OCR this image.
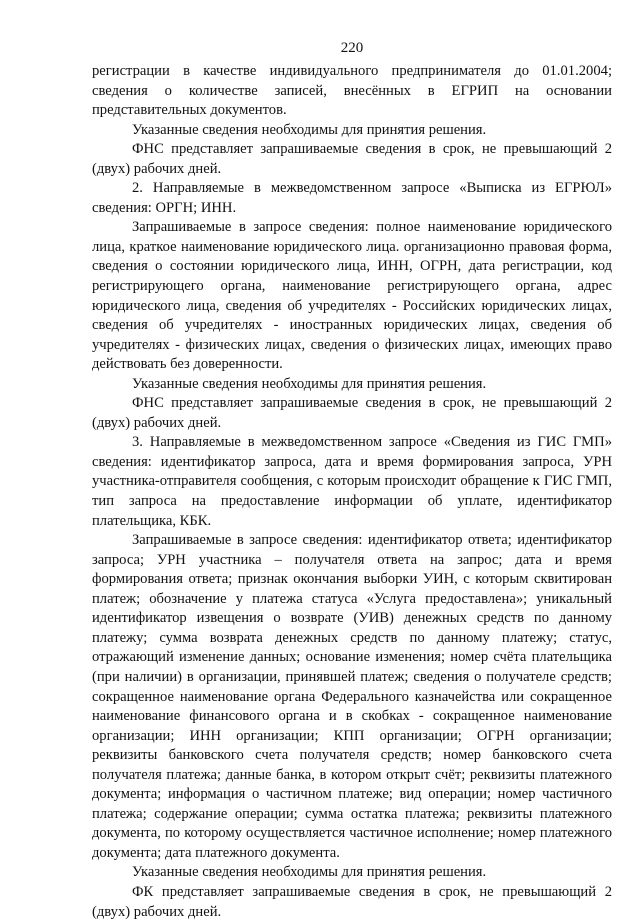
220

регистрации в качестве индивидуального предпринимателя до 01.01.2004; сведения о количестве записей, внесённых в ЕГРИП на основании представительных документов.

Указанные сведения необходимы для принятия решения.

ФНС представляет запрашиваемые сведения в срок, не превышающий 2 (двух) рабочих дней.

2. Направляемые в межведомственном запросе «Выписка из ЕГРЮЛ» сведения: ОРГН; ИНН.

Запрашиваемые в запросе сведения: полное наименование юридического лица, краткое наименование юридического лица. организационно правовая форма, сведения о состоянии юридического лица, ИНН, ОГРН, дата регистрации, код регистрирующего органа, наименование регистрирующего органа, адрес юридического лица, сведения об учредителях - Российских юридических лицах, сведения об учредителях - иностранных юридических лицах, сведения об учредителях - физических лицах, сведения о физических лицах, имеющих право действовать без доверенности.

Указанные сведения необходимы для принятия решения.

ФНС представляет запрашиваемые сведения в срок, не превышающий 2 (двух) рабочих дней.

3. Направляемые в межведомственном запросе «Сведения из ГИС ГМП» сведения: идентификатор запроса, дата и время формирования запроса, УРН участника-отправителя сообщения, с которым происходит обращение к ГИС ГМП, тип запроса на предоставление информации об уплате, идентификатор плательщика, КБК.

Запрашиваемые в запросе сведения: идентификатор ответа; идентификатор запроса; УРН участника – получателя ответа на запрос; дата и время формирования ответа; признак окончания выборки УИН, с которым сквитирован платеж; обозначение у платежа статуса «Услуга предоставлена»; уникальный идентификатор извещения о возврате (УИВ) денежных средств по данному платежу; сумма возврата денежных средств по данному платежу; статус, отражающий изменение данных; основание изменения; номер счёта плательщика (при наличии) в организации, принявшей платеж; сведения о получателе средств; сокращенное наименование органа Федерального казначейства или сокращенное наименование финансового органа и в скобках - сокращенное наименование организации; ИНН организации; КПП организации; ОГРН организации; реквизиты банковского счета получателя средств; номер банковского счета получателя платежа; данные банка, в котором открыт счёт; реквизиты платежного документа; информация о частичном платеже; вид операции; номер частичного платежа; содержание операции; сумма остатка платежа; реквизиты платежного документа, по которому осуществляется частичное исполнение; номер платежного документа; дата платежного документа.

Указанные сведения необходимы для принятия решения.

ФК представляет запрашиваемые сведения в срок, не превышающий 2 (двух) рабочих дней.
